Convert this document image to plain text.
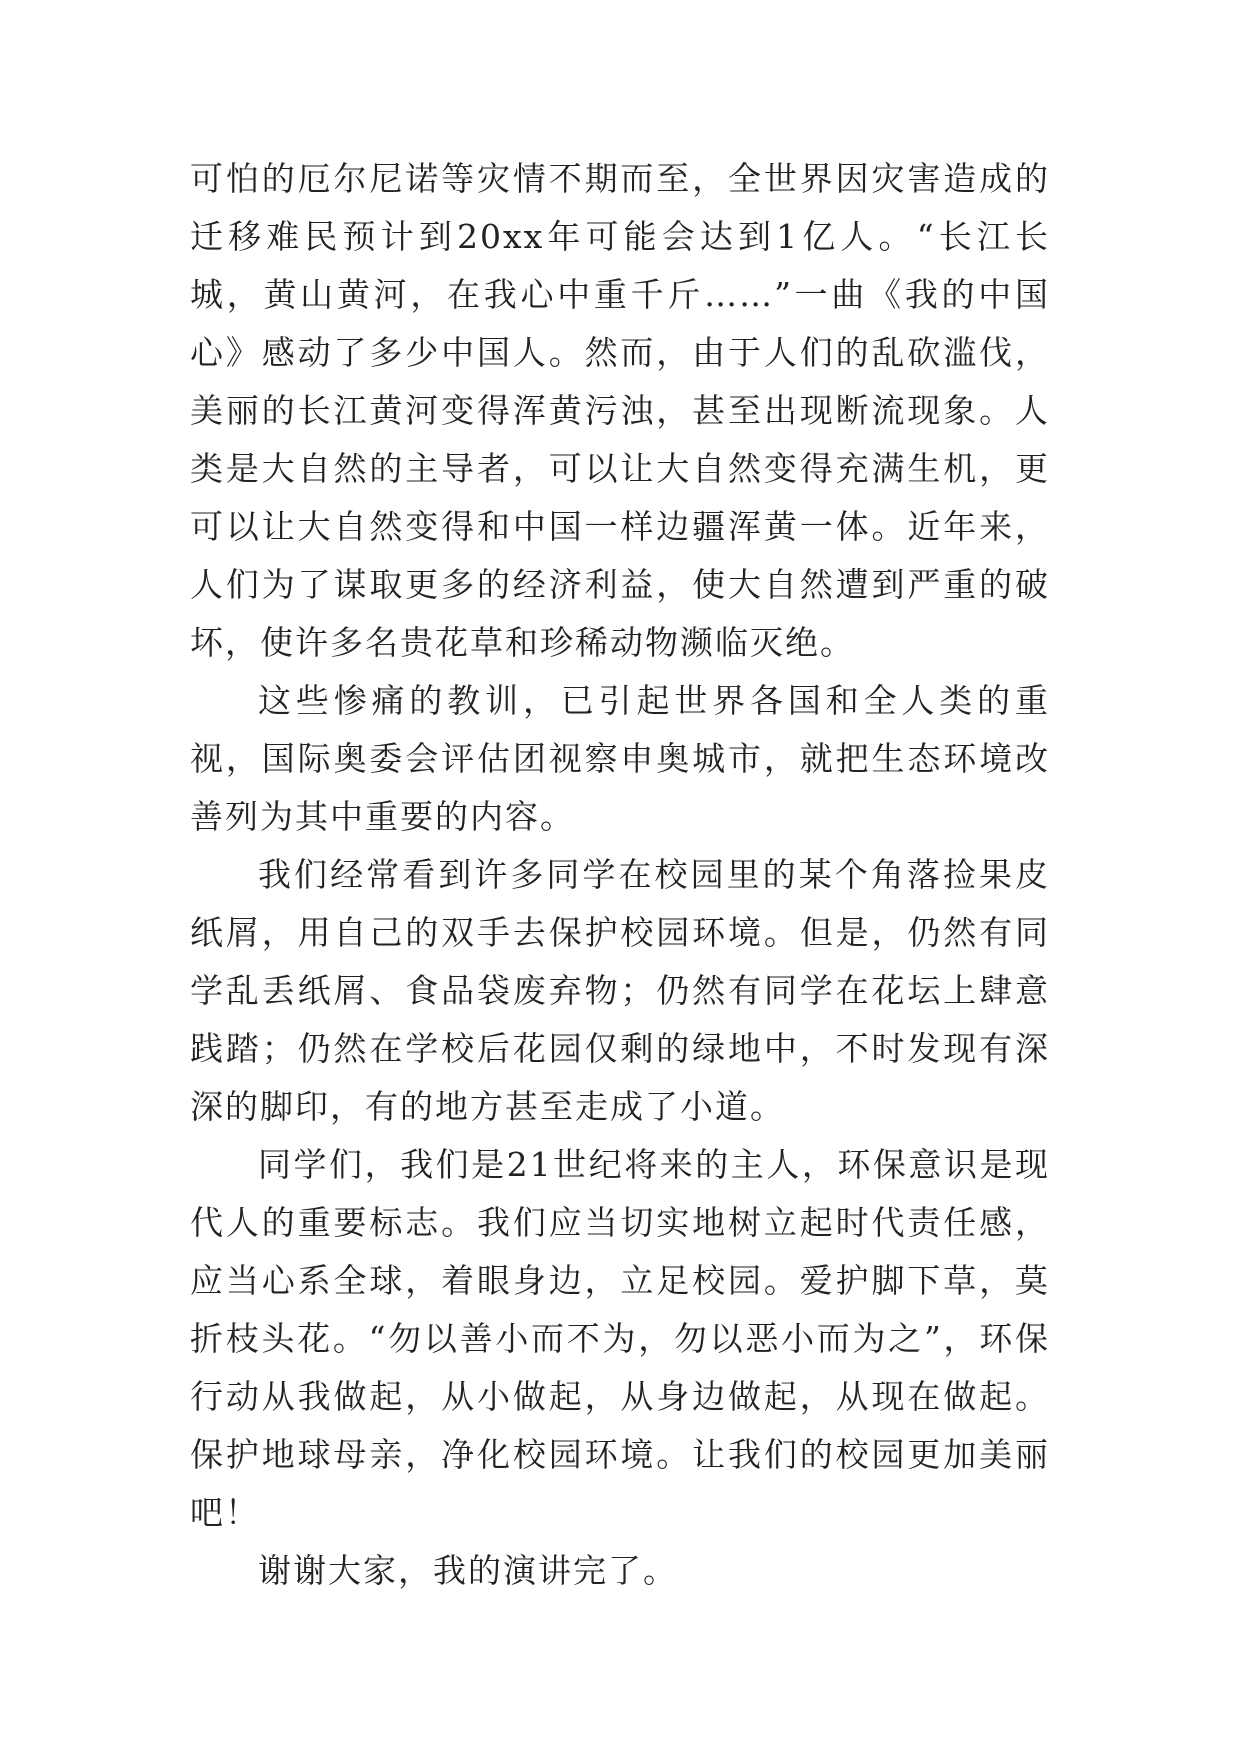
可怕的厄尔尼诺等灾情不期而至，全世界因灾害造成的迁移难民预计到20xx年可能会达到1亿人。“长江长城，黄山黄河，在我心中重千斤……”一曲《我的中国心》感动了多少中国人。然而，由于人们的乱砍滥伐，美丽的长江黄河变得浑黄污浊，甚至出现断流现象。人类是大自然的主导者，可以让大自然变得充满生机，更可以让大自然变得和中国一样边疆浑黄一体。近年来，人们为了谋取更多的经济利益，使大自然遭到严重的破坏，使许多名贵花草和珍稀动物濒临灭绝。

这些惨痛的教训，已引起世界各国和全人类的重视，国际奥委会评估团视察申奥城市，就把生态环境改善列为其中重要的内容。

我们经常看到许多同学在校园里的某个角落捡果皮纸屑，用自己的双手去保护校园环境。但是，仍然有同学乱丢纸屑、食品袋废弃物；仍然有同学在花坛上肆意践踏；仍然在学校后花园仅剩的绿地中，不时发现有深深的脚印，有的地方甚至走成了小道。

同学们，我们是21世纪将来的主人，环保意识是现代人的重要标志。我们应当切实地树立起时代责任感，应当心系全球，着眼身边，立足校园。爱护脚下草，莫折枝头花。“勿以善小而不为，勿以恶小而为之”，环保行动从我做起，从小做起，从身边做起，从现在做起。保护地球母亲，净化校园环境。让我们的校园更加美丽吧！

谢谢大家，我的演讲完了。
